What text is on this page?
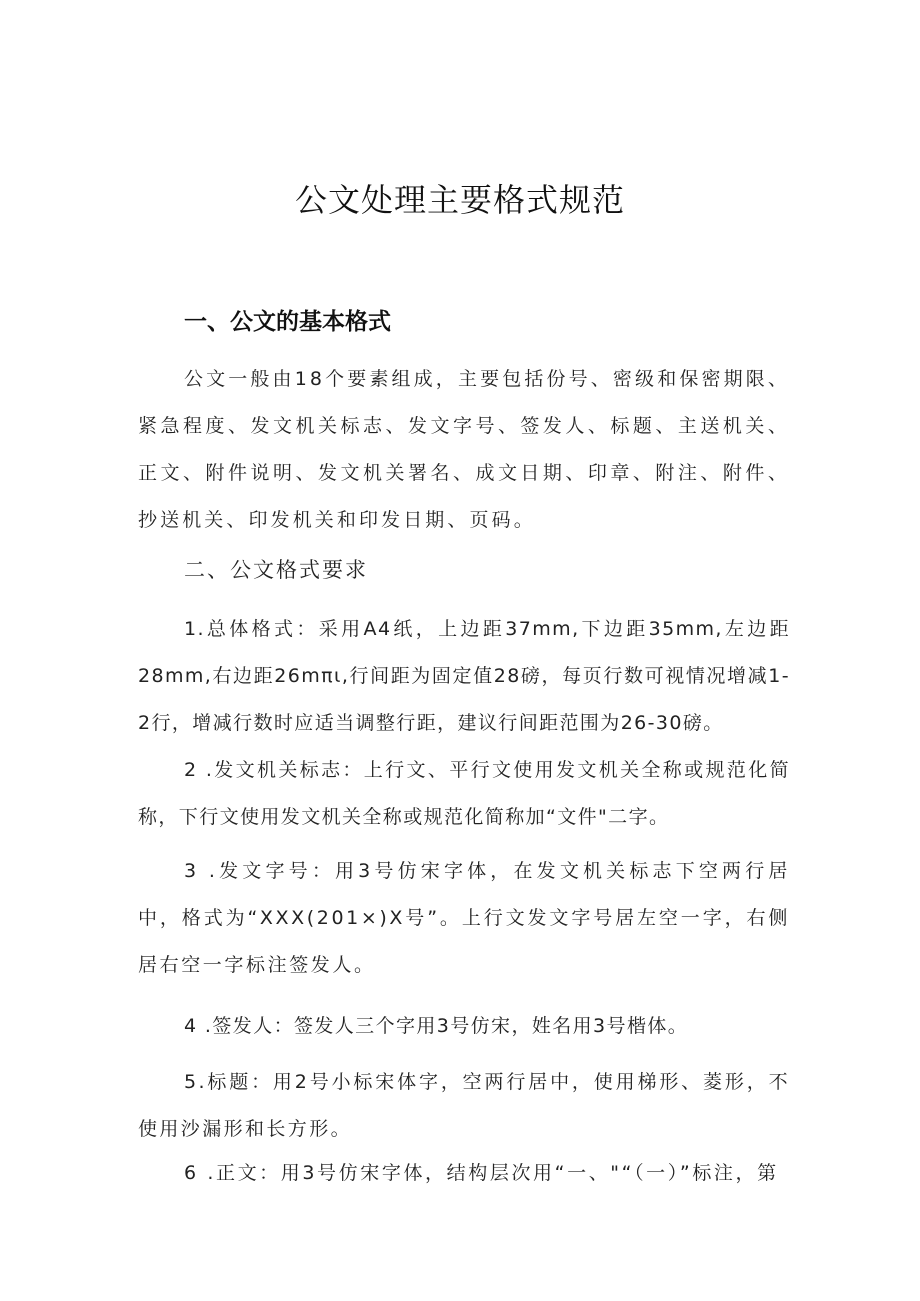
公文处理主要格式规范
一、公文的基本格式

公文一般由18个要素组成，主要包括份号、密级和保密期限、紧急程度、发文机关标志、发文字号、签发人、标题、主送机关、正文、附件说明、发文机关署名、成文日期、印章、附注、附件、抄送机关、印发机关和印发日期、页码。

二、公文格式要求

1.总体格式：采用A4纸，上边距37mm,下边距35mm,左边距28mm,右边距26mπι,行间距为固定值28磅，每页行数可视情况增减1-2行，增减行数时应适当调整行距，建议行间距范围为26-30磅。

2 .发文机关标志：上行文、平行文使用发文机关全称或规范化简称，下行文使用发文机关全称或规范化简称加“文件"二字。

3 .发文字号：用3号仿宋字体，在发文机关标志下空两行居中，格式为“XXX(201×)X号”。上行文发文字号居左空一字，右侧居右空一字标注签发人。

4 .签发人：签发人三个字用3号仿宋，姓名用3号楷体。

5.标题：用2号小标宋体字，空两行居中，使用梯形、菱形，不使用沙漏形和长方形。

6 .正文：用3号仿宋字体，结构层次用“一、"“（一）”标注，第
